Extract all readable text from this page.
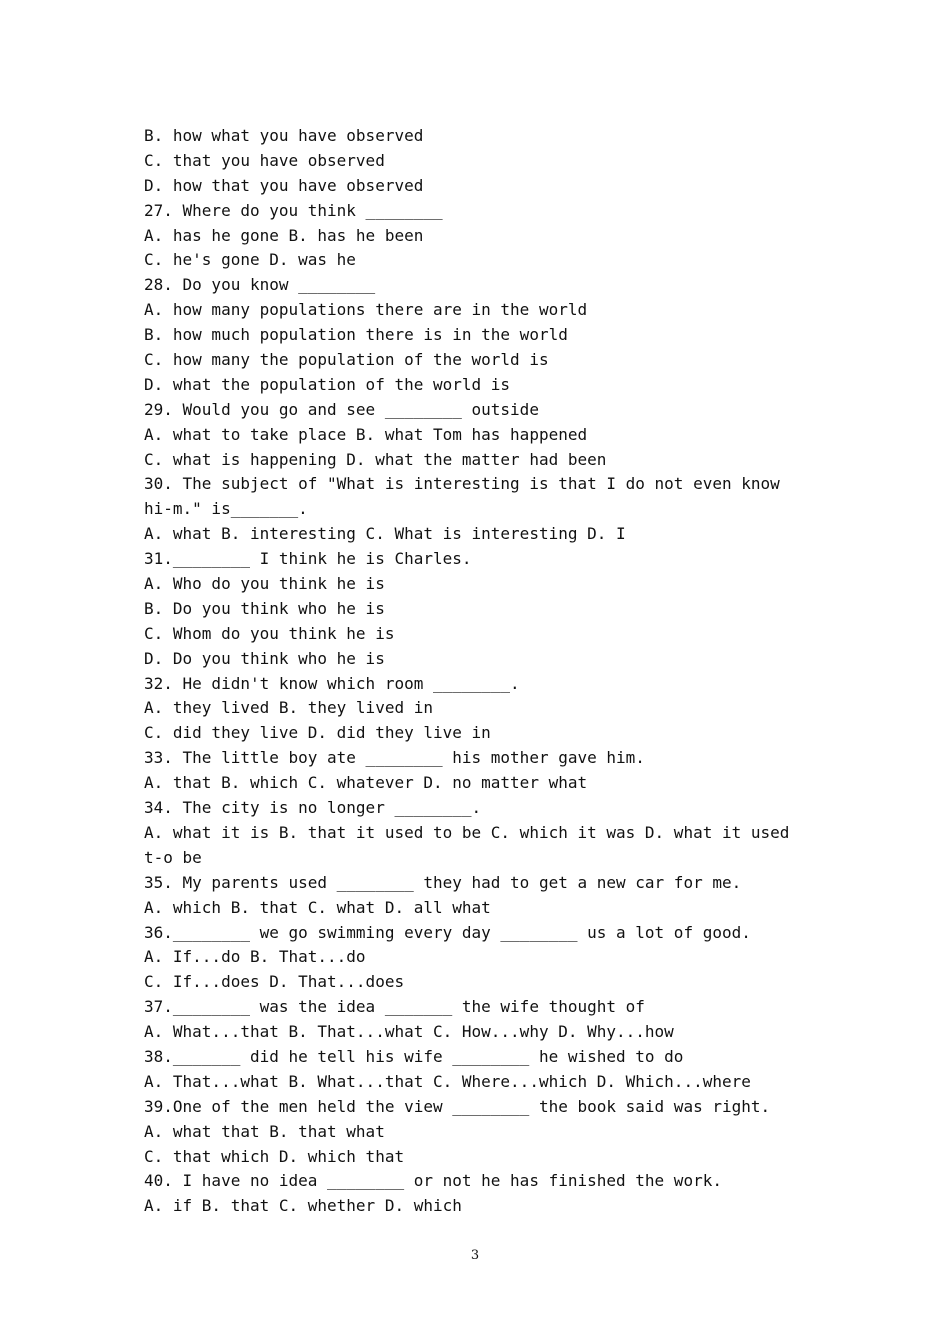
B. how what you have observed
C. that you have observed
D. how that you have observed
27. Where do you think ________
A. has he gone B. has he been
C. he's gone D. was he
28. Do you know ________
A. how many populations there are in the world
B. how much population there is in the world
C. how many the population of the world is
D. what the population of the world is
29. Would you go and see ________ outside
A. what to take place B. what Tom has happened
C. what is happening D. what the matter had been
30. The subject of "What is interesting is that I do not even know
hi-m." is_______.
A. what B. interesting C. What is interesting D. I
31.________ I think he is Charles.
A. Who do you think he is
B. Do you think who he is
C. Whom do you think he is
D. Do you think who he is
32. He didn't know which room ________.
A. they lived B. they lived in
C. did they live D. did they live in
33. The little boy ate ________ his mother gave him.
A. that B. which C. whatever D. no matter what
34. The city is no longer ________.
A. what it is B. that it used to be C. which it was D. what it used
t-o be
35. My parents used ________ they had to get a new car for me.
A. which B. that C. what D. all what
36.________ we go swimming every day ________ us a lot of good.
A. If...do B. That...do
C. If...does D. That...does
37.________ was the idea _______ the wife thought of
A. What...that B. That...what C. How...why D. Why...how
38._______ did he tell his wife ________ he wished to do
A. That...what B. What...that C. Where...which D. Which...where
39.One of the men held the view ________ the book said was right.
A. what that B. that what
C. that which D. which that
40. I have no idea ________ or not he has finished the work.
A. if B. that C. whether D. which
3
